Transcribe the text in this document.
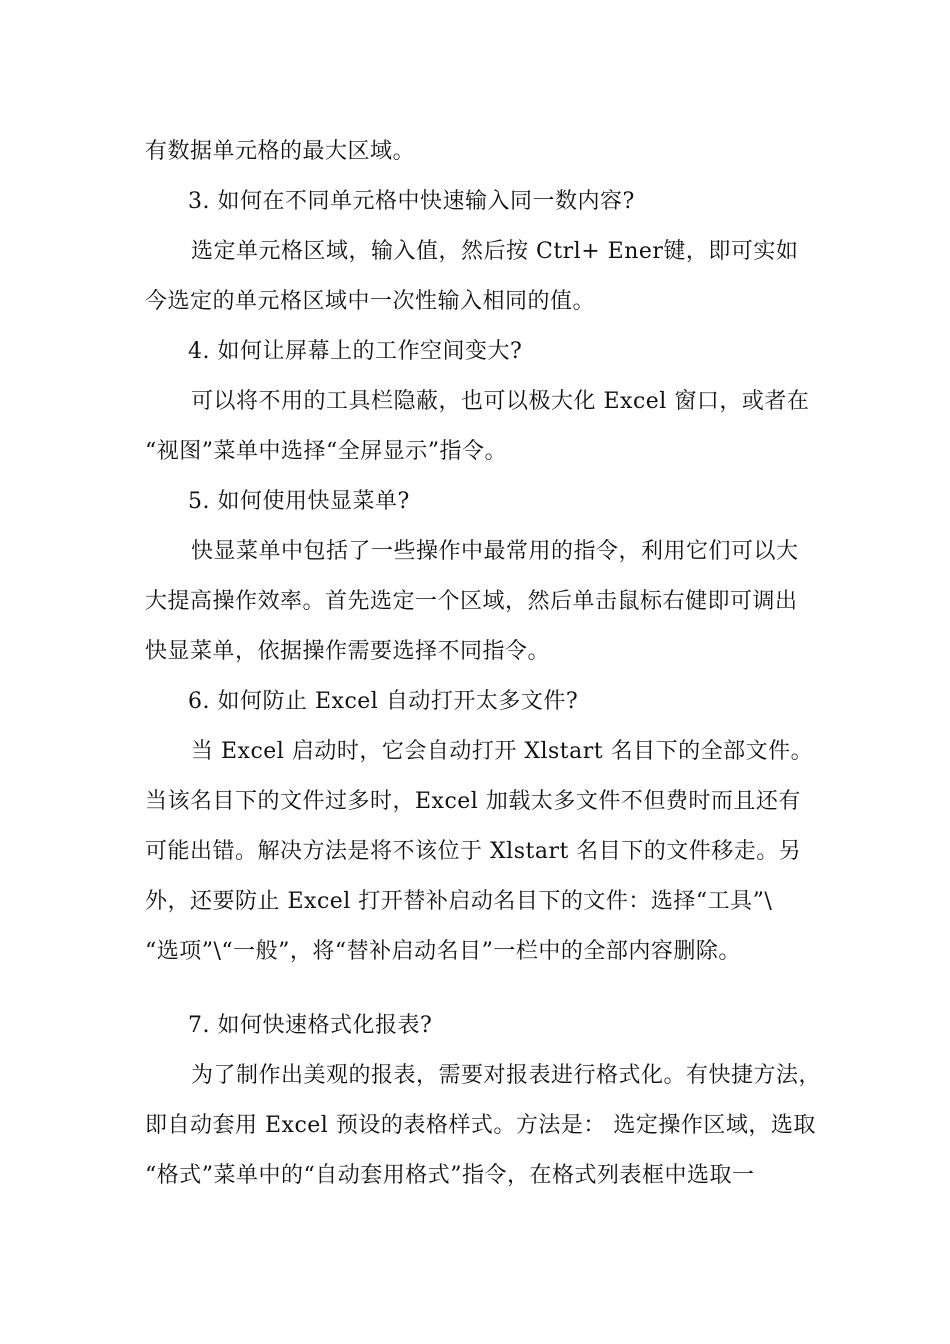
有数据单元格的最大区域。
3. 如何在不同单元格中快速输入同一数内容?
选定单元格区域，输入值，然后按 Ctrl+ Ener键，即可实如
今选定的单元格区域中一次性输入相同的值。
4. 如何让屏幕上的工作空间变大?
可以将不用的工具栏隐蔽，也可以极大化 Excel 窗口，或者在
“视图”菜单中选择“全屏显示”指令。
5. 如何使用快显菜单?
快显菜单中包括了一些操作中最常用的指令，利用它们可以大
大提高操作效率。首先选定一个区域，然后单击鼠标右健即可调出
快显菜单，依据操作需要选择不同指令。
6. 如何防止 Excel 自动打开太多文件?
当 Excel 启动时，它会自动打开 Xlstart 名目下的全部文件。
当该名目下的文件过多时，Excel 加载太多文件不但费时而且还有
可能出错。解决方法是将不该位于 Xlstart 名目下的文件移走。另
外，还要防止 Excel 打开替补启动名目下的文件：选择“工具”\
“选项”\“一般”，将“替补启动名目”一栏中的全部内容删除。
7. 如何快速格式化报表?
为了制作出美观的报表，需要对报表进行格式化。有快捷方法，
即自动套用 Excel 预设的表格样式。方法是： 选定操作区域，选取
“格式”菜单中的“自动套用格式”指令，在格式列表框中选取一
